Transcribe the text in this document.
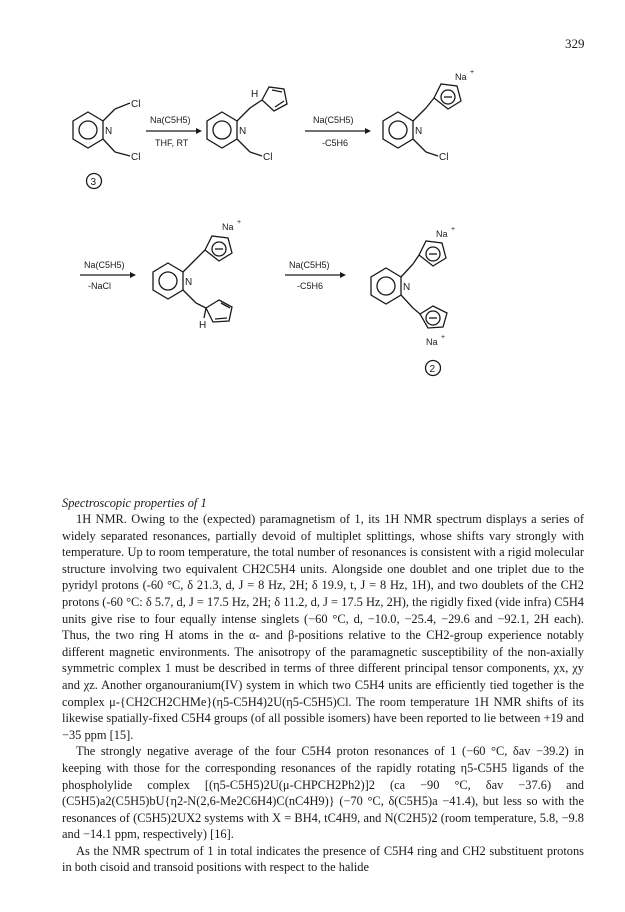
329
Cl
Cl
N
3
Na(C5H5)
THF, RT
H
Cl
N
Na(C5H5)
-C5H6
Na +
Cl
N
Na(C5H5)
-NaCl
Na +
H
N
Na(C5H5)
-C5H6
Na +
Na +
N
2
Spectroscopic properties of 1

1H NMR. Owing to the (expected) paramagnetism of 1, its 1H NMR spectrum displays a series of widely separated resonances, partially devoid of multiplet splittings, whose shifts vary strongly with temperature. Up to room temperature, the total number of resonances is consistent with a rigid molecular structure involving two equivalent CH2C5H4 units. Alongside one doublet and one triplet due to the pyridyl protons (-60 °C, δ 21.3, d, J = 8 Hz, 2H; δ 19.9, t, J = 8 Hz, 1H), and two doublets of the CH2 protons (-60 °C: δ 5.7, d, J = 17.5 Hz, 2H; δ 11.2, d, J = 17.5 Hz, 2H), the rigidly fixed (vide infra) C5H4 units give rise to four equally intense singlets (−60 °C, d, −10.0, −25.4, −29.6 and −92.1, 2H each). Thus, the two ring H atoms in the α- and β-positions relative to the CH2-group experience notably different magnetic environments. The anisotropy of the paramagnetic susceptibility of the non-axially symmetric complex 1 must be described in terms of three different principal tensor components, χx, χy and χz. Another organouranium(IV) system in which two C5H4 units are efficiently tied together is the complex μ-{CH2CH2CHMe}(η5-C5H4)2U(η5-C5H5)Cl. The room temperature 1H NMR shifts of its likewise spatially-fixed C5H4 groups (of all possible isomers) have been reported to lie between +19 and −35 ppm [15].

The strongly negative average of the four C5H4 proton resonances of 1 (−60 °C, δav −39.2) in keeping with those for the corresponding resonances of the rapidly rotating η5-C5H5 ligands of the phospholylide complex [(η5-C5H5)2U(μ-CHPCH2Ph2)]2 (ca −90 °C, δav −37.6) and (C5H5)a2(C5H5)bU{η2-N(2,6-Me2C6H4)C(nC4H9)} (−70 °C, δ(C5H5)a −41.4), but less so with the resonances of (C5H5)2UX2 systems with X = BH4, tC4H9, and N(C2H5)2 (room temperature, 5.8, −9.8 and −14.1 ppm, respectively) [16].

As the NMR spectrum of 1 in total indicates the presence of C5H4 ring and CH2 substituent protons in both cisoid and transoid positions with respect to the halide
